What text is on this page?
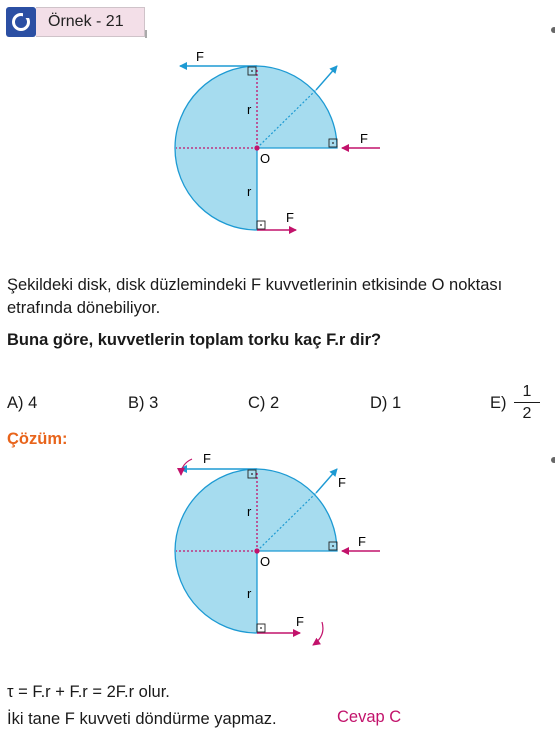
Örnek - 21
F
F
F
r
r
O
Şekildeki disk, disk düzlemindeki F kuvvetlerinin etkisinde O noktası
etrafında dönebiliyor.
Buna göre, kuvvetlerin toplam torku kaç F.r dir?
A) 4	B) 3	C) 2	D) 1	E)
1
2
Çözüm:
F
F
F
F
r
r
O
τ = F.r + F.r = 2F.r olur.
İki tane F kuvveti döndürme yapmaz.	Cevap C
